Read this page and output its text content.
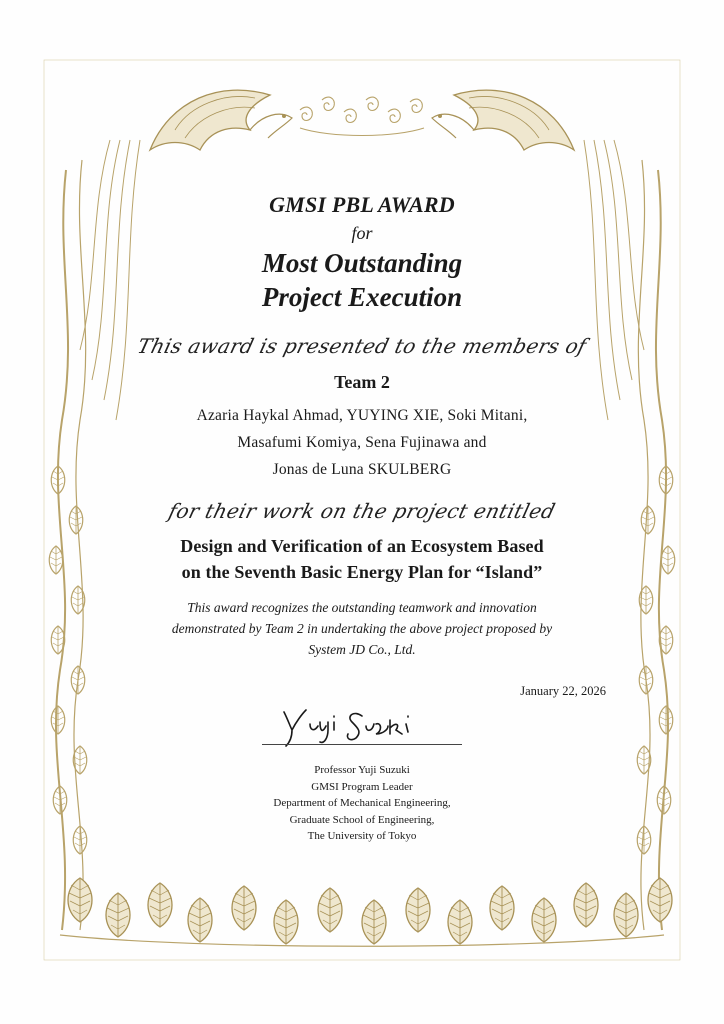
GMSI PBL AWARD

for

Most Outstanding

Project Execution

This award is presented to the members of

Team 2

Azaria Haykal Ahmad, YUYING XIE, Soki Mitani,

Masafumi Komiya, Sena Fujinawa and

Jonas de Luna SKULBERG

for their work on the project entitled

Design and Verification of an Ecosystem Based
on the Seventh Basic Energy Plan for “Island”

This award recognizes the outstanding teamwork and innovation

demonstrated by Team 2 in undertaking the above project proposed by

System JD Co., Ltd.

January 22, 2026

Professor Yuji Suzuki
GMSI Program Leader
Department of Mechanical Engineering,
Graduate School of Engineering,
The University of Tokyo
